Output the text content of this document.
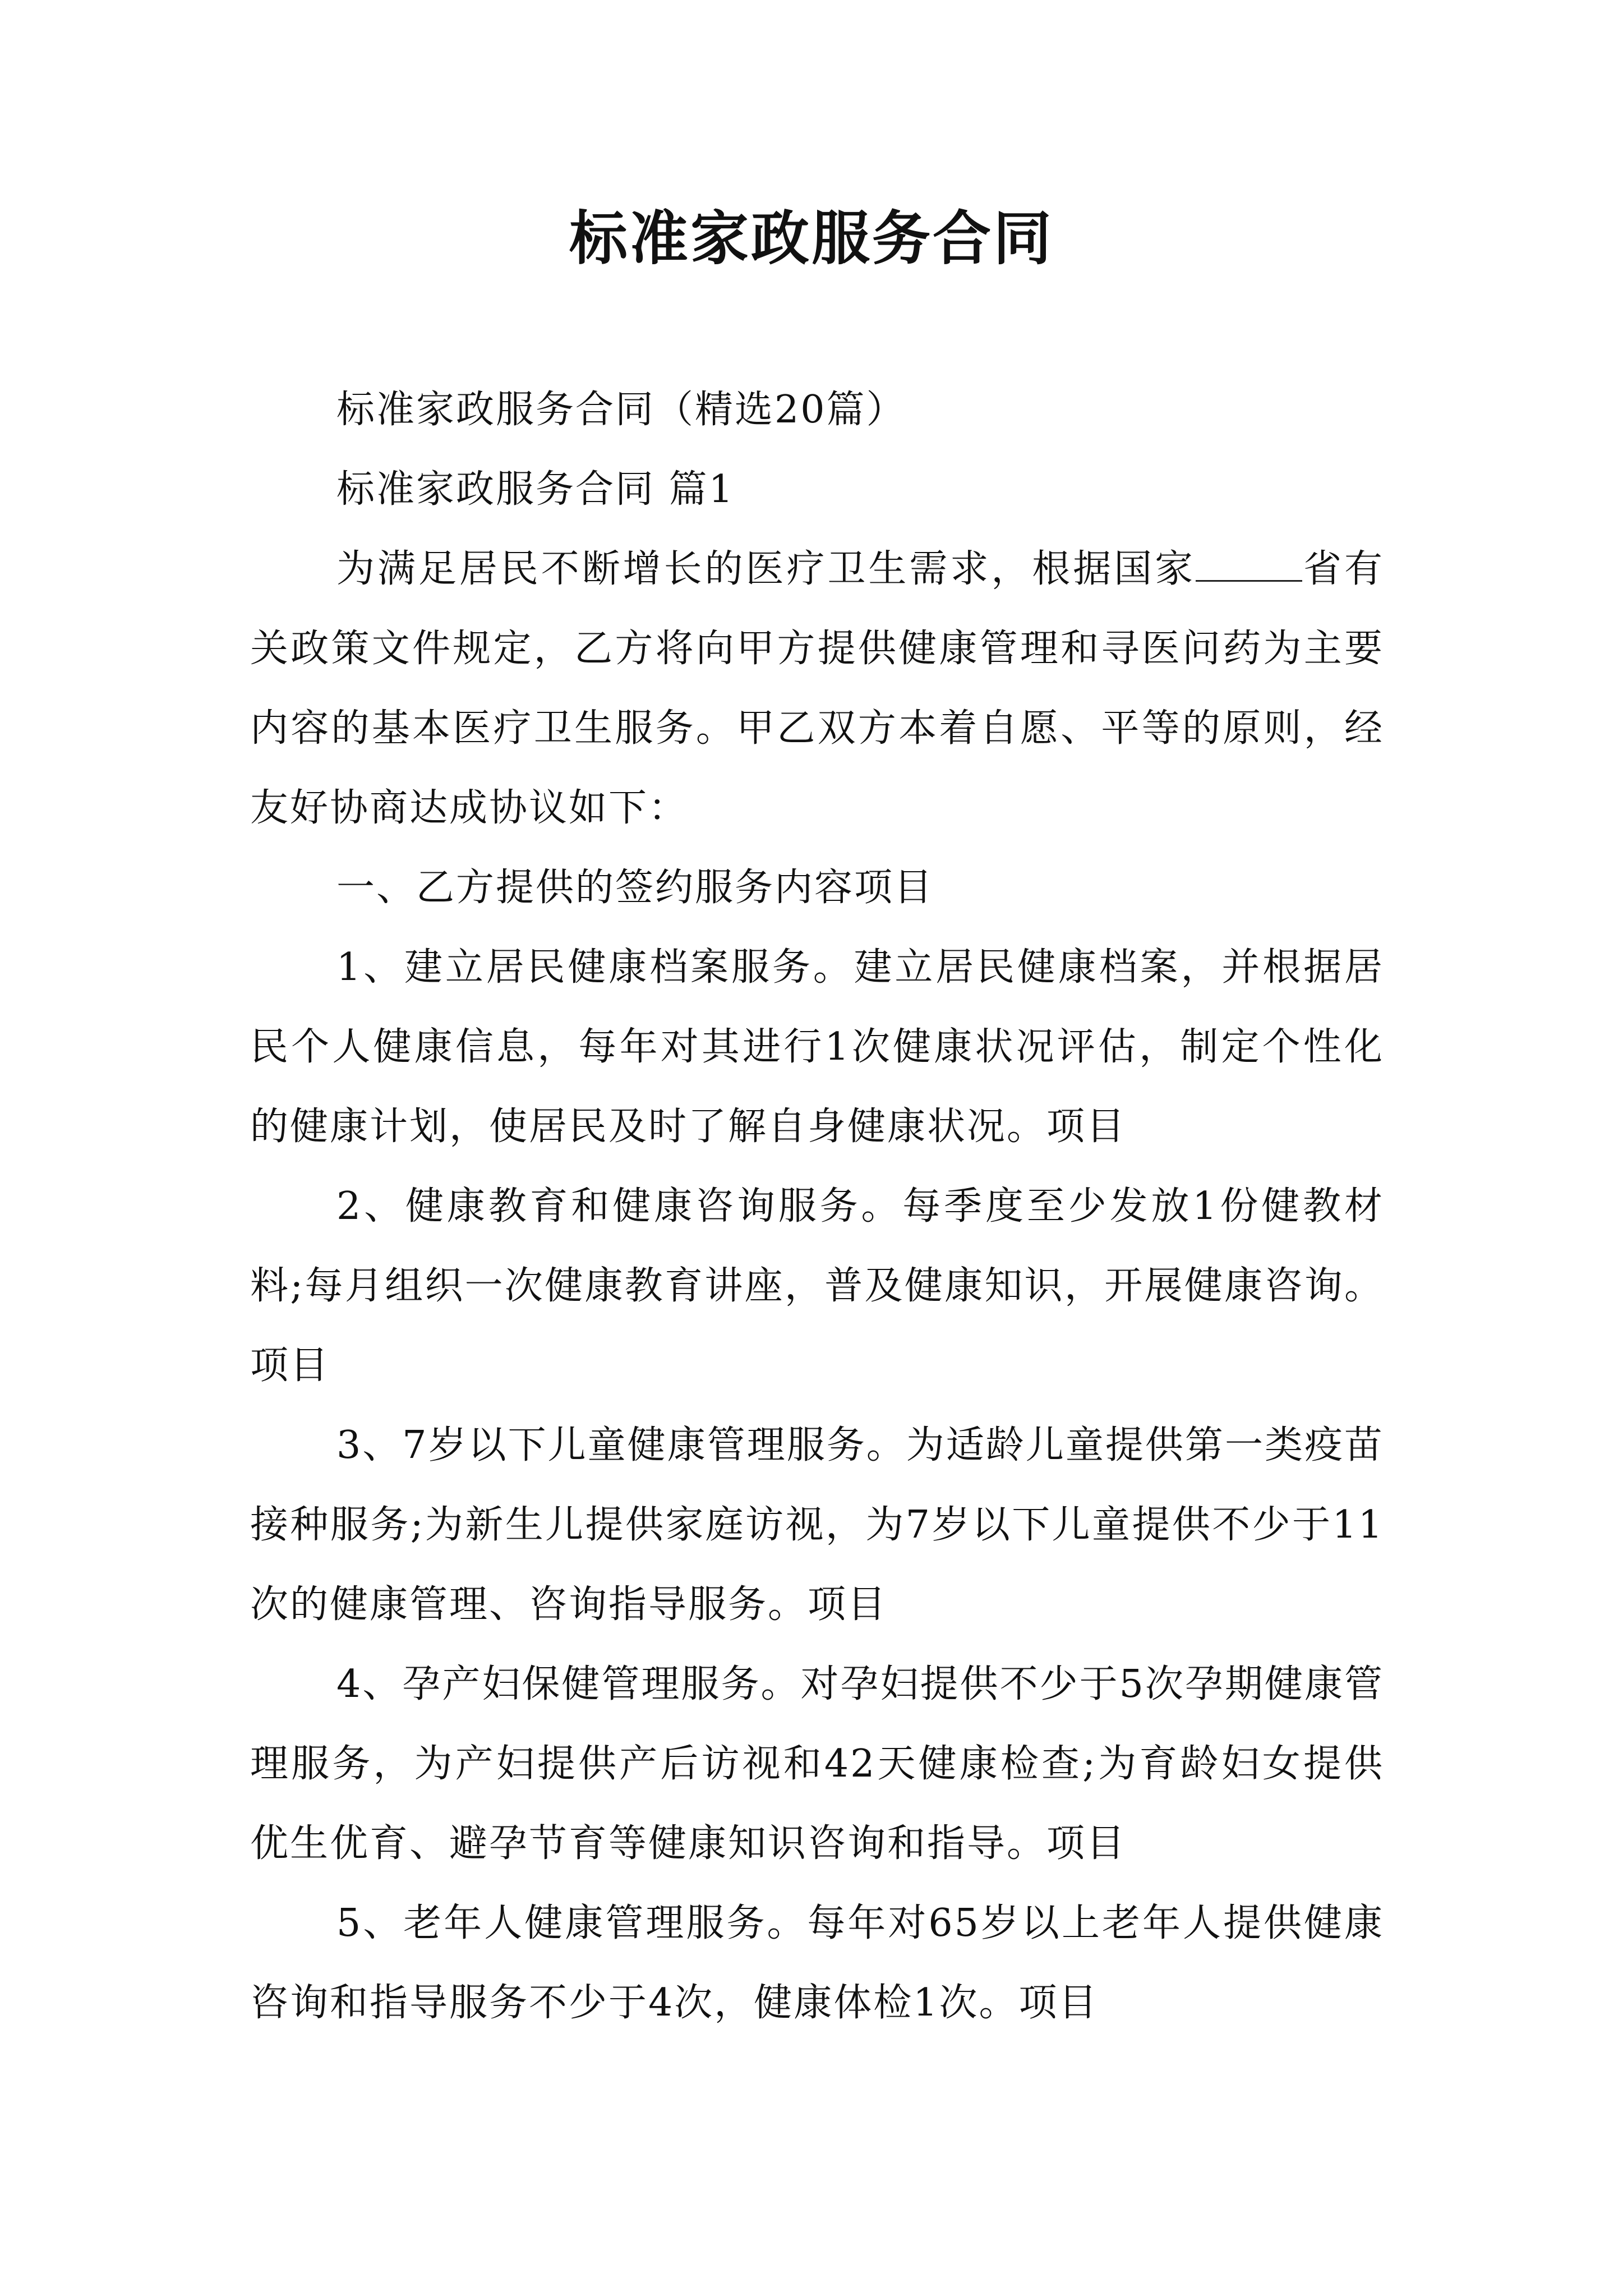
标准家政服务合同

标准家政服务合同（精选20篇）

标准家政服务合同 篇1

为满足居民不断增长的医疗卫生需求，根据国家	省有关政策文件规定，乙方将向甲方提供健康管理和寻医问药为主要内容的基本医疗卫生服务。甲乙双方本着自愿、平等的原则，经友好协商达成协议如下：

一、乙方提供的签约服务内容项目

1、建立居民健康档案服务。建立居民健康档案，并根据居民个人健康信息，每年对其进行1次健康状况评估，制定个性化的健康计划，使居民及时了解自身健康状况。项目

2、健康教育和健康咨询服务。每季度至少发放1份健教材料;每月组织一次健康教育讲座，普及健康知识，开展健康咨询。项目

3、7岁以下儿童健康管理服务。为适龄儿童提供第一类疫苗接种服务;为新生儿提供家庭访视，为7岁以下儿童提供不少于11次的健康管理、咨询指导服务。项目

4、孕产妇保健管理服务。对孕妇提供不少于5次孕期健康管理服务，为产妇提供产后访视和42天健康检查;为育龄妇女提供优生优育、避孕节育等健康知识咨询和指导。项目

5、老年人健康管理服务。每年对65岁以上老年人提供健康咨询和指导服务不少于4次，健康体检1次。项目
